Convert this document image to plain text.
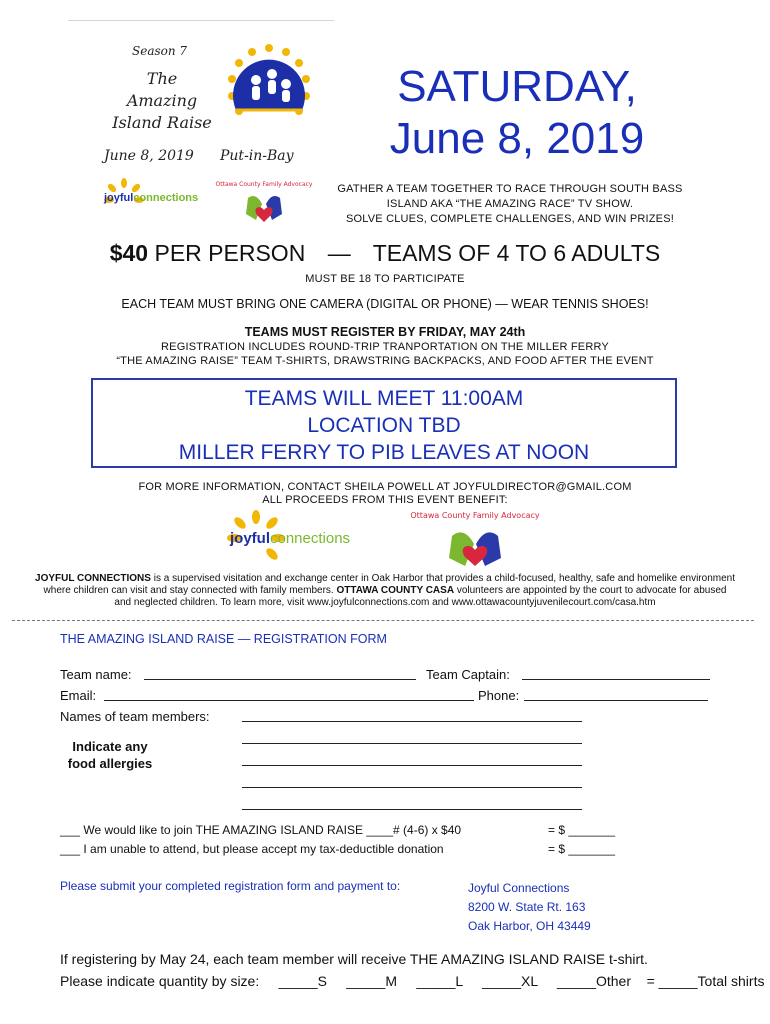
Season 7
The
Amazing
Island Raise
June 8, 2019 Put-in-Bay
joyfulconnections
Ottawa County Family Advocacy
SATURDAY,
June 8, 2019
GATHER A TEAM TOGETHER TO RACE THROUGH SOUTH BASS
ISLAND AKA “THE AMAZING RACE” TV SHOW.
SOLVE CLUES, COMPLETE CHALLENGES, AND WIN PRIZES!
$40 PER PERSON — TEAMS OF 4 TO 6 ADULTS
MUST BE 18 TO PARTICIPATE
EACH TEAM MUST BRING ONE CAMERA (DIGITAL OR PHONE) — WEAR TENNIS SHOES!
TEAMS MUST REGISTER BY FRIDAY, MAY 24th
REGISTRATION INCLUDES ROUND-TRIP TRANPORTATION ON THE MILLER FERRY
“THE AMAZING RAISE” TEAM T-SHIRTS, DRAWSTRING BACKPACKS, AND FOOD AFTER THE EVENT
TEAMS WILL MEET 11:00AM
LOCATION TBD
MILLER FERRY TO PIB LEAVES AT NOON
FOR MORE INFORMATION, CONTACT SHEILA POWELL AT JOYFULDIRECTOR@GMAIL.COM
ALL PROCEEDS FROM THIS EVENT BENEFIT:
joyfulconnections
Ottawa County Family Advocacy
JOYFUL CONNECTIONS is a supervised visitation and exchange center in Oak Harbor that provides a child-focused, healthy, safe and homelike environment
where children can visit and stay connected with family members. OTTAWA COUNTY CASA volunteers are appointed by the court to advocate for abused
and neglected children. To learn more, visit www.joyfulconnections.com and www.ottawacountyjuvenilecourt.com/casa.htm
THE AMAZING ISLAND RAISE — REGISTRATION FORM
Team name:	Team Captain:
Email:	Phone:
Names of team members:
Indicate any
food allergies
___ We would like to join THE AMAZING ISLAND RAISE ____# (4-6) x $40	= $ _______
___ I am unable to attend, but please accept my tax-deductible donation	= $ _______
Please submit your completed registration form and payment to:	Joyful Connections
8200 W. State Rt. 163
Oak Harbor, OH 43449
If registering by May 24, each team member will receive THE AMAZING ISLAND RAISE t-shirt.
Please indicate quantity by size:     _____S     _____M     _____L     _____XL     _____Other    = _____Total shirts
